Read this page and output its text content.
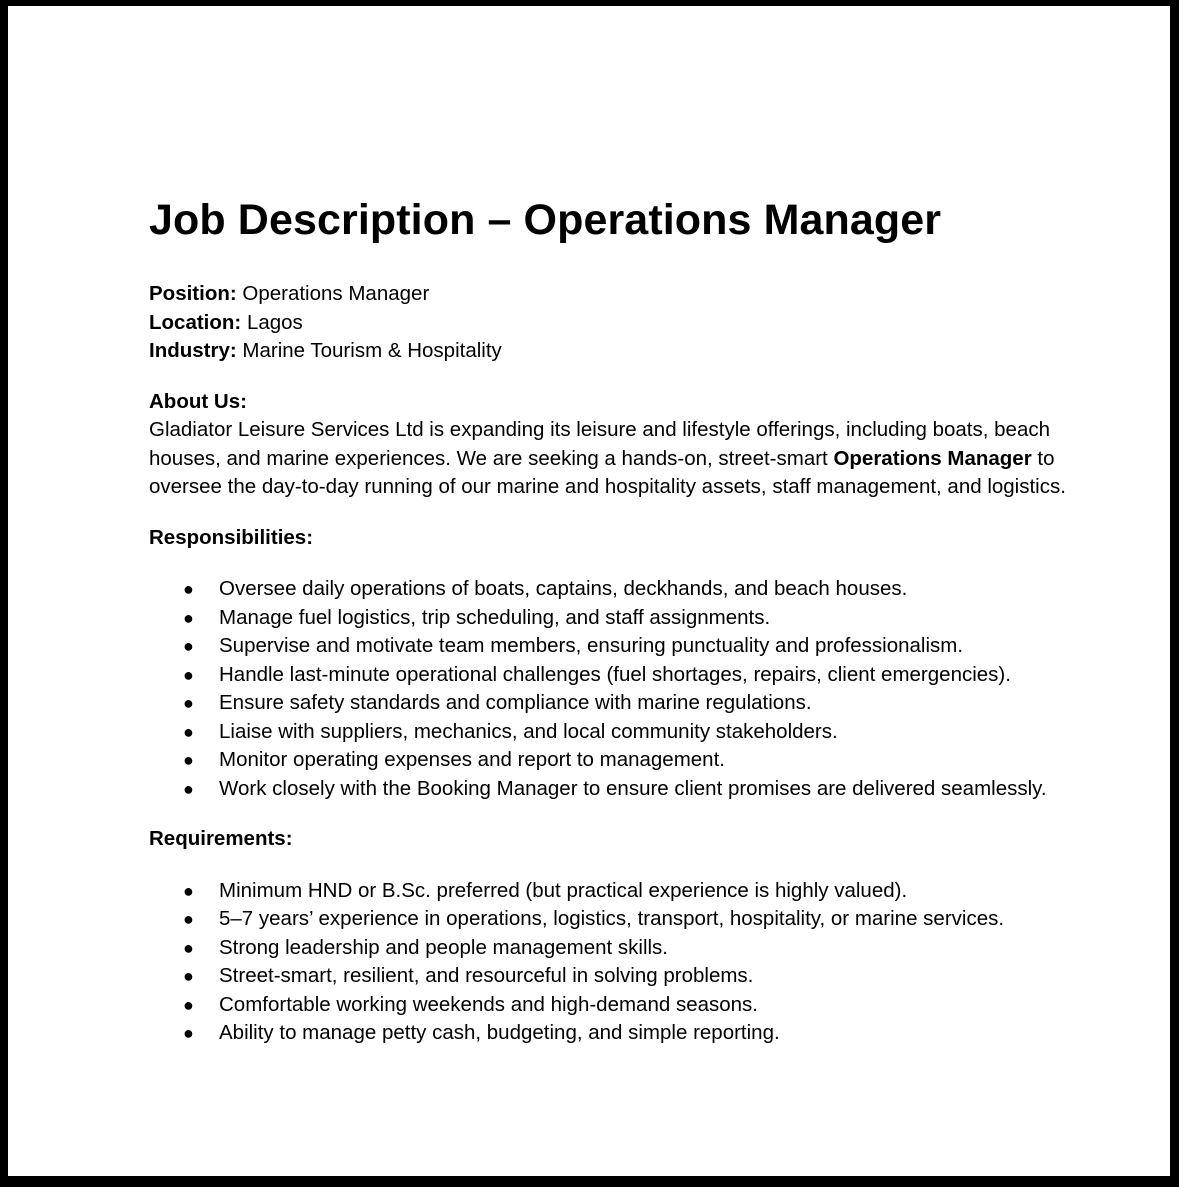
Job Description – Operations Manager
Position: Operations Manager
Location: Lagos
Industry: Marine Tourism & Hospitality
About Us:
Gladiator Leisure Services Ltd is expanding its leisure and lifestyle offerings, including boats, beach houses, and marine experiences. We are seeking a hands-on, street-smart Operations Manager to oversee the day-to-day running of our marine and hospitality assets, staff management, and logistics.
Responsibilities:
● Oversee daily operations of boats, captains, deckhands, and beach houses.
● Manage fuel logistics, trip scheduling, and staff assignments.
● Supervise and motivate team members, ensuring punctuality and professionalism.
● Handle last-minute operational challenges (fuel shortages, repairs, client emergencies).
● Ensure safety standards and compliance with marine regulations.
● Liaise with suppliers, mechanics, and local community stakeholders.
● Monitor operating expenses and report to management.
● Work closely with the Booking Manager to ensure client promises are delivered seamlessly.
Requirements:
● Minimum HND or B.Sc. preferred (but practical experience is highly valued).
● 5–7 years’ experience in operations, logistics, transport, hospitality, or marine services.
● Strong leadership and people management skills.
● Street-smart, resilient, and resourceful in solving problems.
● Comfortable working weekends and high-demand seasons.
● Ability to manage petty cash, budgeting, and simple reporting.
